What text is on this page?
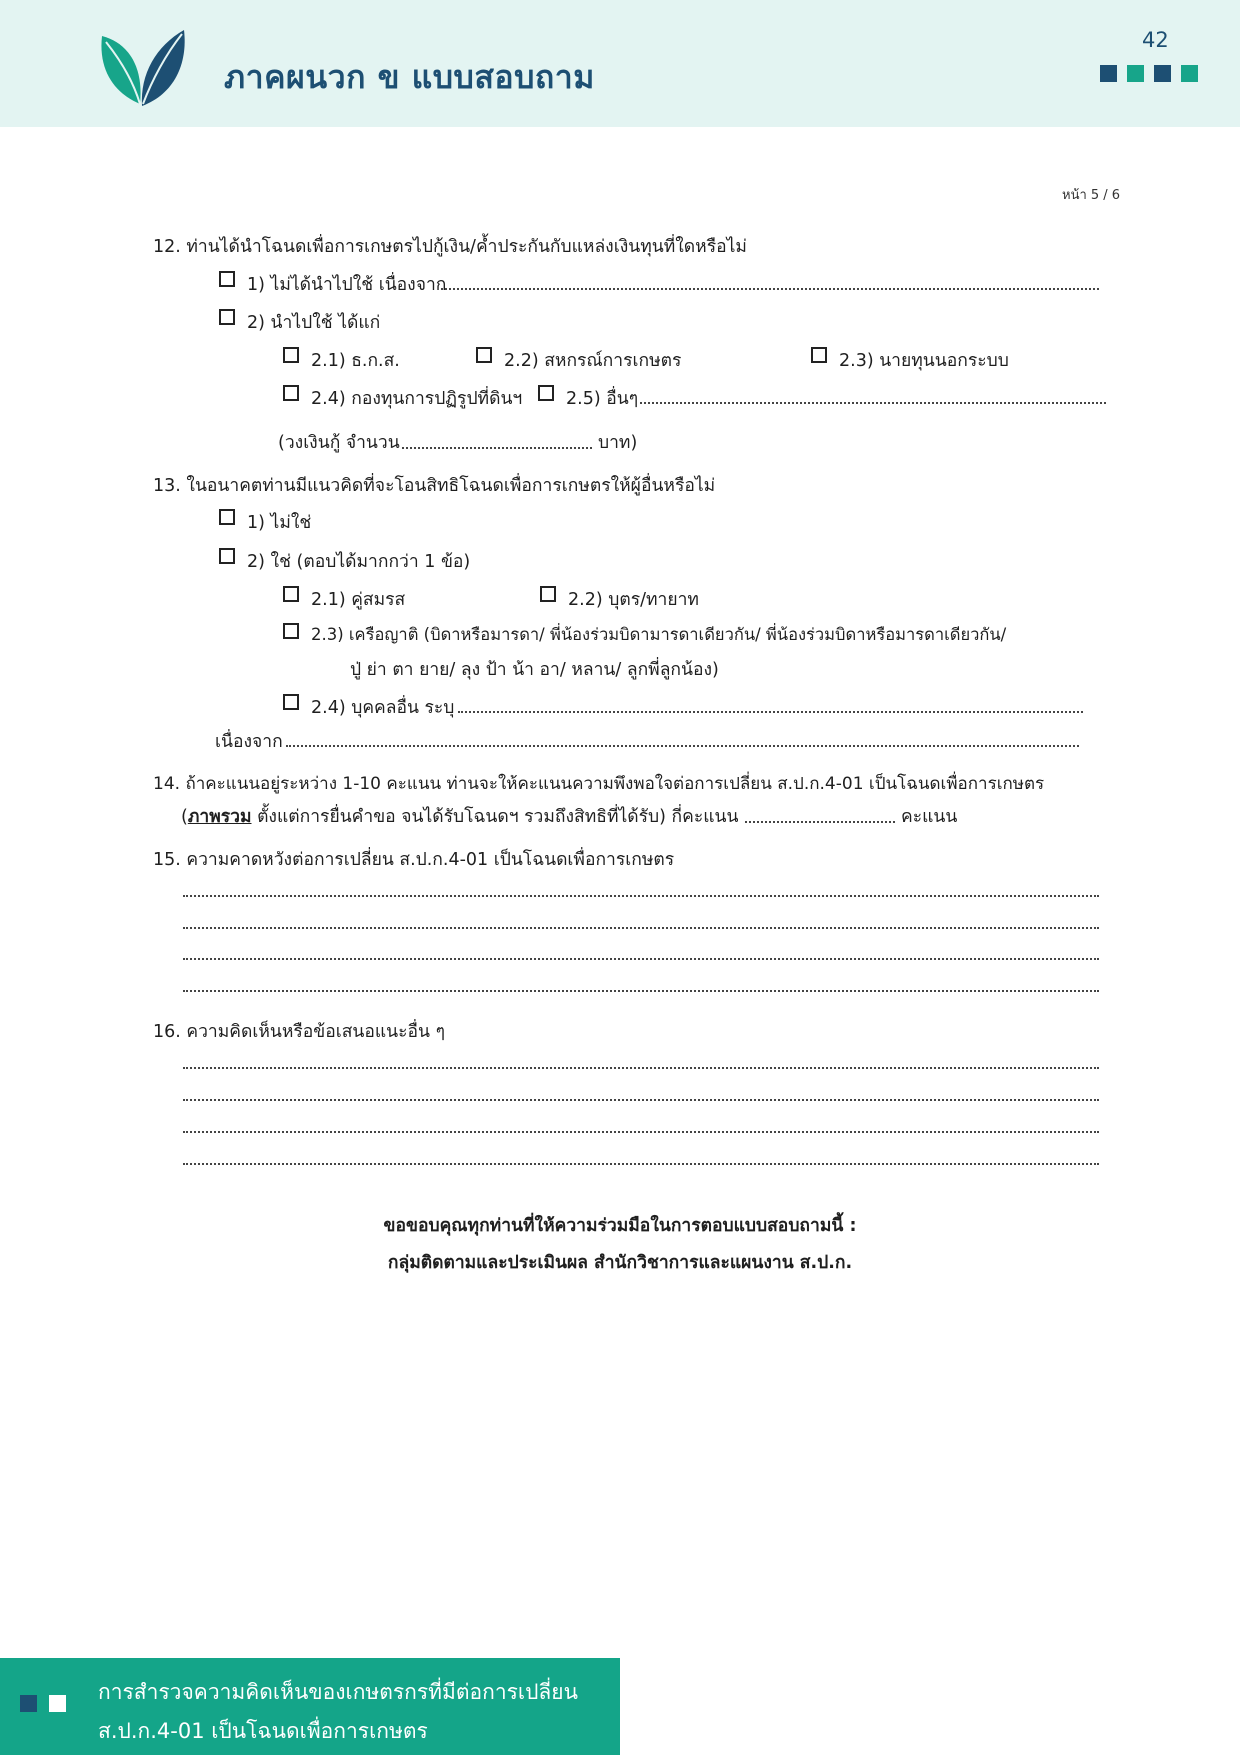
ภาคผนวก ข แบบสอบถาม
42
หน้า 5 / 6
12. ท่านได้นำโฉนดเพื่อการเกษตรไปกู้เงิน/ค้ำประกันกับแหล่งเงินทุนที่ใดหรือไม่
1) ไม่ได้นำไปใช้ เนื่องจาก
2) นำไปใช้ ได้แก่
2.1) ธ.ก.ส.	2.2) สหกรณ์การเกษตร	2.3) นายทุนนอกระบบ
2.4) กองทุนการปฏิรูปที่ดินฯ	2.5) อื่นๆ
(วงเงินกู้ จำนวน	บาท)
13. ในอนาคตท่านมีแนวคิดที่จะโอนสิทธิโฉนดเพื่อการเกษตรให้ผู้อื่นหรือไม่
1) ไม่ใช่
2) ใช่ (ตอบได้มากกว่า 1 ข้อ)
2.1) คู่สมรส	2.2) บุตร/ทายาท
2.3) เครือญาติ (บิดาหรือมารดา/ พี่น้องร่วมบิดามารดาเดียวกัน/ พี่น้องร่วมบิดาหรือมารดาเดียวกัน/
ปู่ ย่า ตา ยาย/ ลุง ป้า น้า อา/ หลาน/ ลูกพี่ลูกน้อง)
2.4) บุคคลอื่น ระบุ
เนื่องจาก
14. ถ้าคะแนนอยู่ระหว่าง 1-10 คะแนน ท่านจะให้คะแนนความพึงพอใจต่อการเปลี่ยน ส.ป.ก.4-01 เป็นโฉนดเพื่อการเกษตร
(ภาพรวม ตั้งแต่การยื่นคำขอ จนได้รับโฉนดฯ รวมถึงสิทธิที่ได้รับ) กี่คะแนน	คะแนน
15. ความคาดหวังต่อการเปลี่ยน ส.ป.ก.4-01 เป็นโฉนดเพื่อการเกษตร
16. ความคิดเห็นหรือข้อเสนอแนะอื่น ๆ
ขอขอบคุณทุกท่านที่ให้ความร่วมมือในการตอบแบบสอบถามนี้ :
กลุ่มติดตามและประเมินผล สำนักวิชาการและแผนงาน ส.ป.ก.
การสำรวจความคิดเห็นของเกษตรกรที่มีต่อการเปลี่ยน
ส.ป.ก.4-01 เป็นโฉนดเพื่อการเกษตร
